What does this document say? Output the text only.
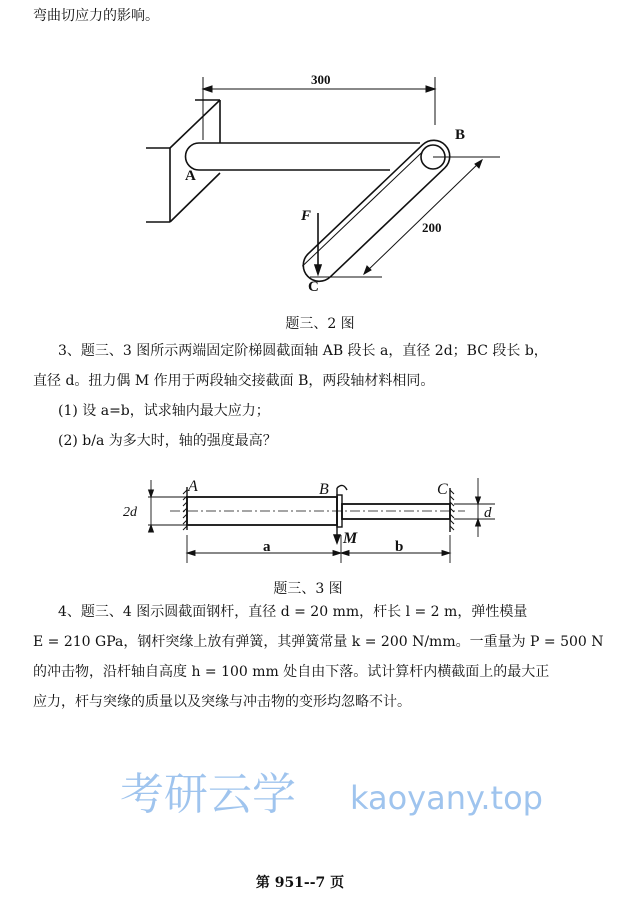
考研云学 kaoyany.top
弯曲切应力的影响。
300
B
A
200
C
F
题三、2 图
3、题三、3 图所示两端固定阶梯圆截面轴 AB 段长 a，直径 2d；BC 段长 b，
直径 d。扭力偶 M 作用于两段轴交接截面 B，两段轴材料相同。
(1) 设 a=b，试求轴内最大应力；
(2) b/a 为多大时，轴的强度最高？
A	B	C
M
2d	d
a	b
题三、3 图
4、题三、4 图示圆截面钢杆，直径 d = 20 mm，杆长 l = 2 m，弹性模量
E = 210 GPa，钢杆突缘上放有弹簧，其弹簧常量 k = 200 N/mm。一重量为 P = 500 N
的冲击物，沿杆轴自高度 h = 100 mm 处自由下落。试计算杆内横截面上的最大正
应力，杆与突缘的质量以及突缘与冲击物的变形均忽略不计。
第 951--7 页
